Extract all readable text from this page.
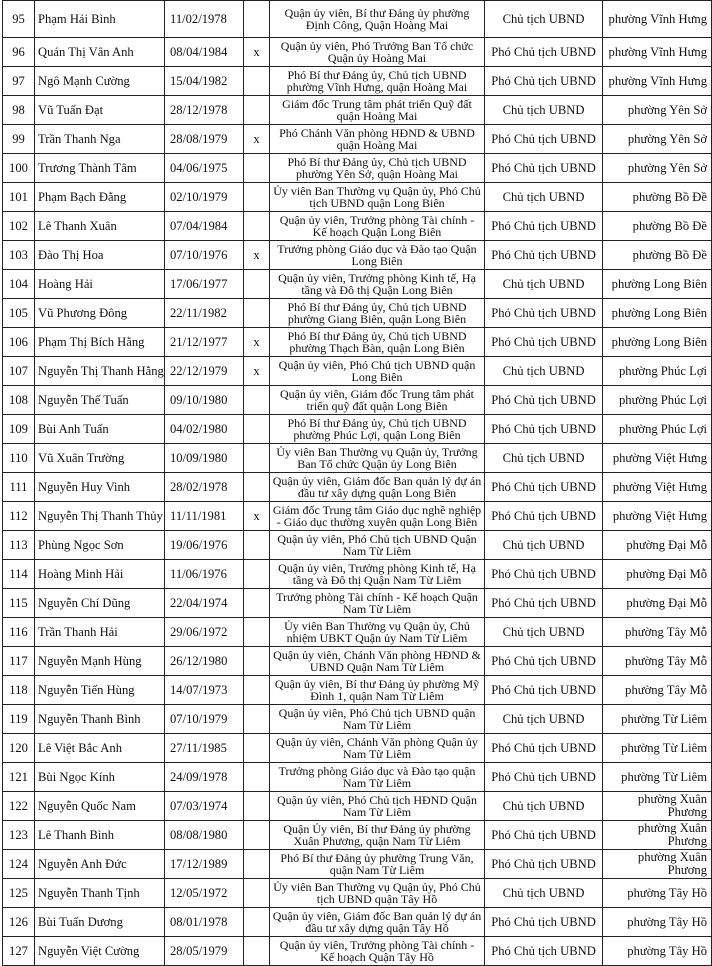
95	Phạm Hải Bình	11/02/1978		Quận ủy viên, Bí thư Đảng ủy phường Định Công, Quận Hoàng Mai	Chủ tịch UBND	phường Vĩnh Hưng
96	Quán Thị Vân Anh	08/04/1984	x	Quận ủy viên, Phó Trưởng Ban Tổ chức Quận ủy Hoàng Mai	Phó Chủ tịch UBND	phường Vĩnh Hưng
97	Ngô Mạnh Cường	15/04/1982		Phó Bí thư Đảng ủy, Chủ tịch UBND phường Vĩnh Hưng, quận Hoàng Mai	Phó Chủ tịch UBND	phường Vĩnh Hưng
98	Vũ Tuấn Đạt	28/12/1978		Giám đốc Trung tâm phát triển Quỹ đất quận Hoàng Mai	Chủ tịch UBND	phường Yên Sở
99	Trần Thanh Nga	28/08/1979	x	Phó Chánh Văn phòng HĐND & UBND quận Hoàng Mai	Phó Chủ tịch UBND	phường Yên Sở
100	Trương Thành Tâm	04/06/1975		Phó Bí thư Đảng ủy, Chủ tịch UBND phường Yên Sở, quận Hoàng Mai	Phó Chủ tịch UBND	phường Yên Sở
101	Phạm Bạch Đằng	02/10/1979		Ủy viên Ban Thường vụ Quận ủy, Phó Chủ tịch UBND quận Long Biên	Chủ tịch UBND	phường Bồ Đề
102	Lê Thanh Xuân	07/04/1984		Quận ủy viên, Trưởng phòng Tài chính - Kế hoạch Quận Long Biên	Phó Chủ tịch UBND	phường Bồ Đề
103	Đào Thị Hoa	07/10/1976	x	Trưởng phòng Giáo dục và Đào tạo Quận Long Biên	Phó Chủ tịch UBND	phường Bồ Đề
104	Hoàng Hải	17/06/1977		Quận ủy viên, Trưởng phòng Kinh tế, Hạ tầng và Đô thị Quận Long Biên	Chủ tịch UBND	phường Long Biên
105	Vũ Phương Đông	22/11/1982		Phó Bí thư Đảng ủy, Chủ tịch UBND phường Giang Biên, quận Long Biên	Phó Chủ tịch UBND	phường Long Biên
106	Phạm Thị Bích Hằng	21/12/1977	x	Phó Bí thư Đảng ủy, Chủ tịch UBND phường Thạch Bàn, quận Long Biên	Phó Chủ tịch UBND	phường Long Biên
107	Nguyễn Thị Thanh Hằng	22/12/1979	x	Quận ủy viên, Phó Chủ tịch UBND quận Long Biên	Chủ tịch UBND	phường Phúc Lợi
108	Nguyễn Thế Tuấn	09/10/1980		Quận ủy viên, Giám đốc Trung tâm phát triển quỹ đất quận Long Biên	Phó Chủ tịch UBND	phường Phúc Lợi
109	Bùi Anh Tuấn	04/02/1980		Phó Bí thư Đảng ủy, Chủ tịch UBND phường Phúc Lợi, quận Long Biên	Phó Chủ tịch UBND	phường Phúc Lợi
110	Vũ Xuân Trường	10/09/1980		Ủy viên Ban Thường vụ Quận ủy, Trưởng Ban Tổ chức Quận ủy Long Biên	Chủ tịch UBND	phường Việt Hưng
111	Nguyễn Huy Vinh	28/02/1978		Quận ủy viên, Giám đốc Ban quản lý dự án đầu tư xây dựng quận Long Biên	Phó Chủ tịch UBND	phường Việt Hưng
112	Nguyễn Thị Thanh Thủy	11/11/1981	x	Giám đốc Trung tâm Giáo dục nghề nghiệp - Giáo dục thường xuyên quận Long Biên	Phó Chủ tịch UBND	phường Việt Hưng
113	Phùng Ngọc Sơn	19/06/1976		Quận ủy viên, Phó Chủ tịch UBND Quận Nam Từ Liêm	Chủ tịch UBND	phường Đại Mỗ
114	Hoàng Minh Hải	11/06/1976		Quận ủy viên, Trưởng phòng Kinh tế, Hạ tầng và Đô thị Quận Nam Từ Liêm	Phó Chủ tịch UBND	phường Đại Mỗ
115	Nguyễn Chí Dũng	22/04/1974		Trưởng phòng Tài chính - Kế hoạch Quận Nam Từ Liêm	Phó Chủ tịch UBND	phường Đại Mỗ
116	Trần Thanh Hải	29/06/1972		Ủy viên Ban Thường vụ Quận ủy, Chủ nhiệm UBKT Quận ủy Nam Từ Liêm	Chủ tịch UBND	phường Tây Mỗ
117	Nguyễn Mạnh Hùng	26/12/1980		Quận ủy viên, Chánh Văn phòng HĐND & UBND Quận Nam Từ Liêm	Phó Chủ tịch UBND	phường Tây Mỗ
118	Nguyễn Tiến Hùng	14/07/1973		Quận ủy viên, Bí thư Đảng ủy phường Mỹ Đình 1, quận Nam Từ Liêm	Phó Chủ tịch UBND	phường Tây Mỗ
119	Nguyễn Thanh Bình	07/10/1979		Quận ủy viên, Phó Chủ tịch UBND quận Nam Từ Liêm	Chủ tịch UBND	phường Từ Liêm
120	Lê Việt Bắc Anh	27/11/1985		Quận ủy viên, Chánh Văn phòng Quận ủy Nam Từ Liêm	Phó Chủ tịch UBND	phường Từ Liêm
121	Bùi Ngọc Kính	24/09/1978		Trưởng phòng Giáo dục và Đào tạo quận Nam Từ Liêm	Phó Chủ tịch UBND	phường Từ Liêm
122	Nguyễn Quốc Nam	07/03/1974		Quận ủy viên, Phó Chủ tịch HĐND Quận Nam Từ Liêm	Chủ tịch UBND	phường Xuân Phương
123	Lê Thanh Bình	08/08/1980		Quận Ủy viên, Bí thư Đảng ủy phường Xuân Phương, quận Nam Từ Liêm	Phó Chủ tịch UBND	phường Xuân Phương
124	Nguyễn Anh Đức	17/12/1989		Phó Bí thư Đảng ủy phường Trung Văn, quận Nam Từ Liêm	Phó Chủ tịch UBND	phường Xuân Phương
125	Nguyễn Thanh Tịnh	12/05/1972		Ủy viên Ban Thường vụ Quận ủy, Phó Chủ tịch UBND quận Tây Hồ	Chủ tịch UBND	phường Tây Hồ
126	Bùi Tuấn Dương	08/01/1978		Quận ủy viên, Giám đốc Ban quản lý dự án đầu tư xây dựng quận Tây Hồ	Phó Chủ tịch UBND	phường Tây Hồ
127	Nguyễn Việt Cường	28/05/1979		Quận ủy viên, Trưởng phòng Tài chính - Kế hoạch Quận Tây Hồ	Phó Chủ tịch UBND	phường Tây Hồ
